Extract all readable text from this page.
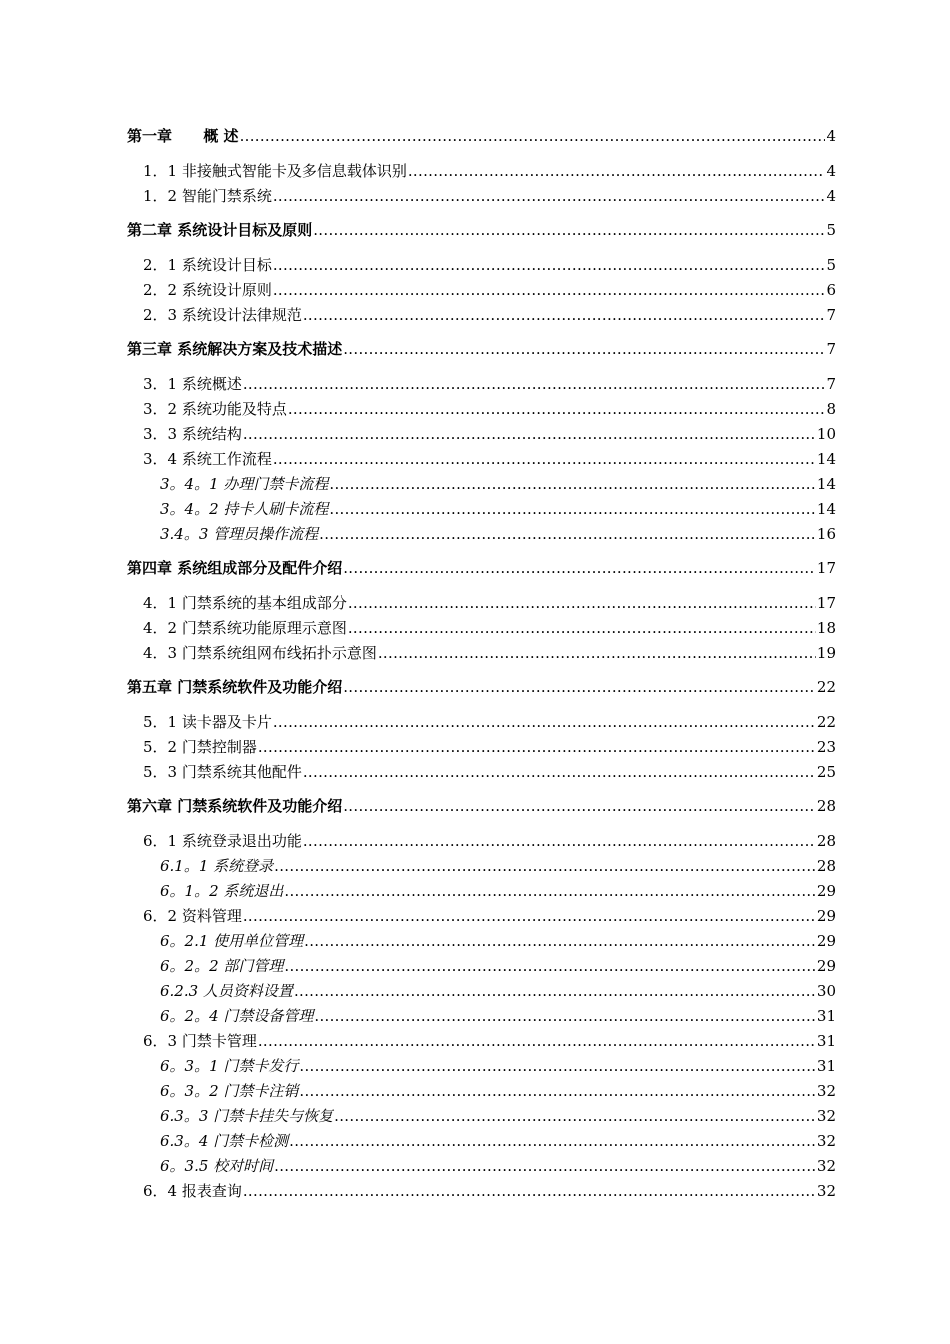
第一章      概 述 .....	4
1．1 非接触式智能卡及多信息载体识别 .....	4
1．2 智能门禁系统 .....	4
第二章 系统设计目标及原则 .....	5
2．1 系统设计目标 .....	5
2．2 系统设计原则 .....	6
2．3 系统设计法律规范 .....	7
第三章 系统解决方案及技术描述 .....	7
3．1 系统概述 .....	7
3．2 系统功能及特点 .....	8
3．3 系统结构 .....	10
3．4 系统工作流程 .....	14
3。4。1 办理门禁卡流程 .....	14
3。4。2 持卡人刷卡流程 .....	14
3.4。3 管理员操作流程 .....	16
第四章 系统组成部分及配件介绍 .....	17
4．1 门禁系统的基本组成部分 .....	17
4．2 门禁系统功能原理示意图 .....	18
4．3 门禁系统组网布线拓扑示意图 .....	19
第五章 门禁系统软件及功能介绍 .....	22
5．1 读卡器及卡片 .....	22
5．2 门禁控制器 .....	23
5．3 门禁系统其他配件 .....	25
第六章 门禁系统软件及功能介绍 .....	28
6．1 系统登录退出功能 .....	28
6.1。1 系统登录 .....	28
6。1。2 系统退出 .....	29
6．2 资料管理 .....	29
6。2.1 使用单位管理 .....	29
6。2。2 部门管理 .....	29
6.2.3 人员资料设置 .....	30
6。2。4 门禁设备管理 .....	31
6．3 门禁卡管理 .....	31
6。3。1 门禁卡发行 .....	31
6。3。2 门禁卡注销 .....	32
6.3。3 门禁卡挂失与恢复 .....	32
6.3。4 门禁卡检测 .....	32
6。3.5 校对时间 .....	32
6．4 报表查询 .....	32
